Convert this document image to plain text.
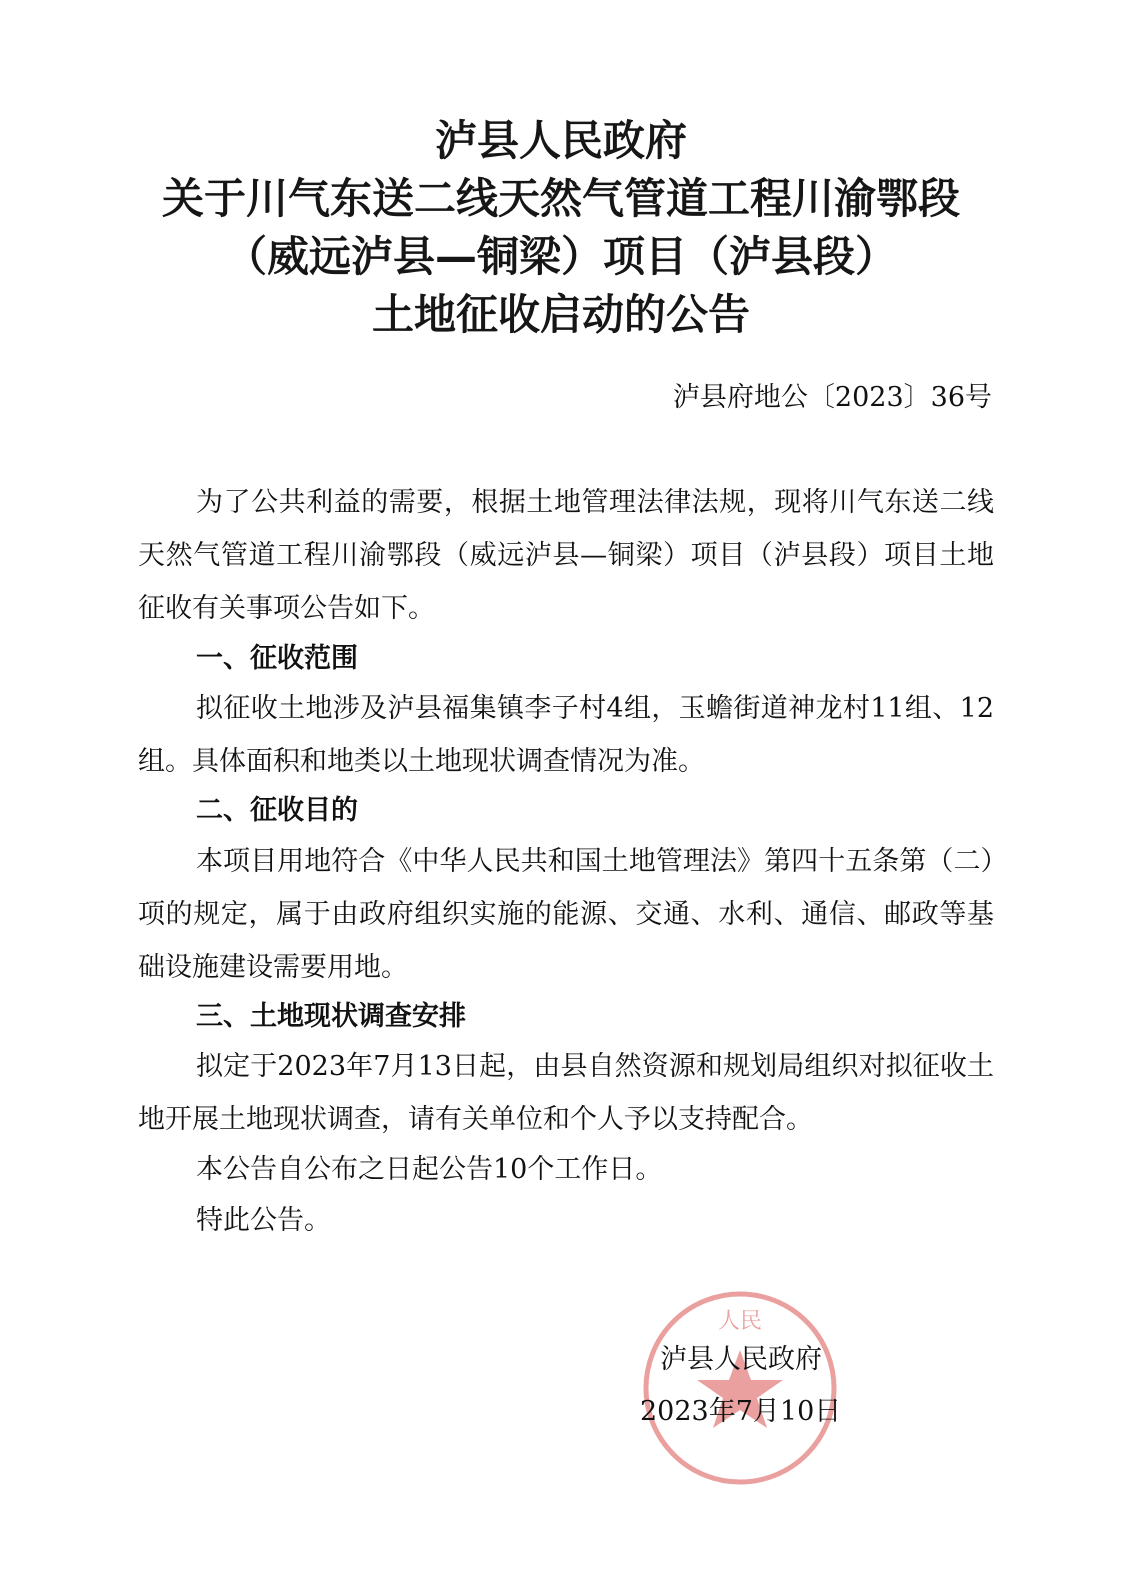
泸县人民政府
关于川气东送二线天然气管道工程川渝鄂段
（威远泸县—铜梁）项目（泸县段）
土地征收启动的公告
泸县府地公〔2023〕36号

为了公共利益的需要，根据土地管理法律法规，现将川气东送二线天然气管道工程川渝鄂段（威远泸县—铜梁）项目（泸县段）项目土地征收有关事项公告如下。

一、征收范围

拟征收土地涉及泸县福集镇李子村4组，玉蟾街道神龙村11组、12组。具体面积和地类以土地现状调查情况为准。

二、征收目的

本项目用地符合《中华人民共和国土地管理法》第四十五条第（二）项的规定，属于由政府组织实施的能源、交通、水利、通信、邮政等基础设施建设需要用地。

三、土地现状调查安排

拟定于2023年7月13日起，由县自然资源和规划局组织对拟征收土地开展土地现状调查，请有关单位和个人予以支持配合。

本公告自公布之日起公告10个工作日。

特此公告。

人民
泸县人民政府
2023年7月10日
